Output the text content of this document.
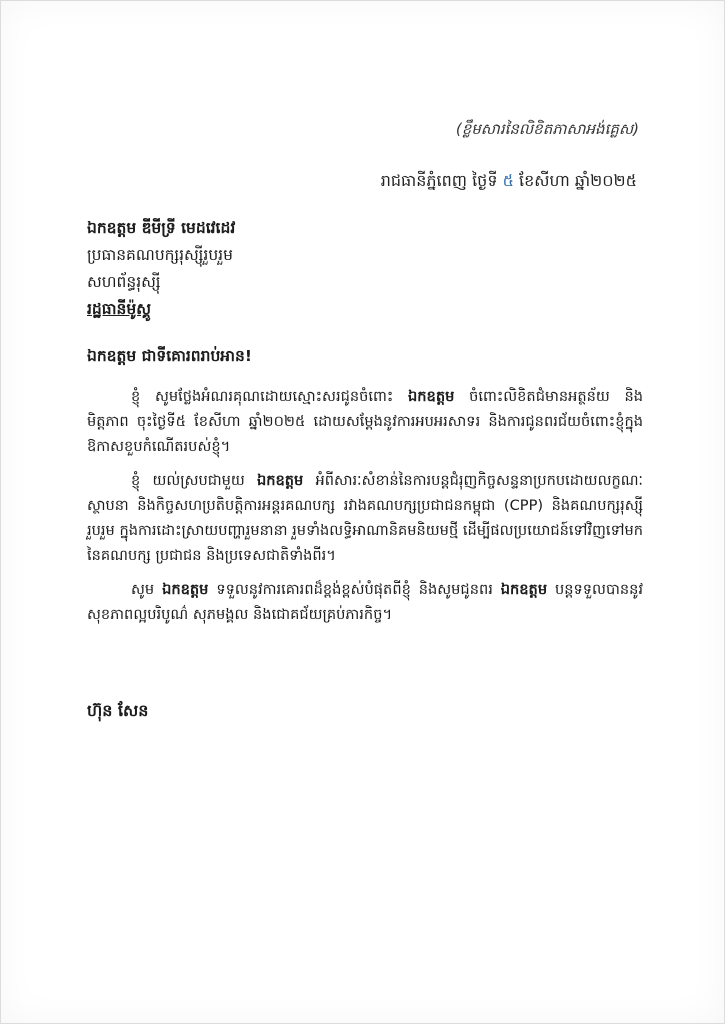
(ខ្លឹមសារនៃលិខិតភាសាអង់គ្លេស)
រាជធានីភ្នំពេញ ថ្ងៃទី ៥ ខែសីហា ឆ្នាំ២០២៥
ឯកឧត្តម ឌីមីទ្រី មេដវេដេវ
ប្រធានគណបក្សរុស្ស៊ីរួបរួម
សហព័ន្ធរុស្ស៊ី
រដ្ឋធានីម៉ូស្គូ
ឯកឧត្តម ជាទីគោរពរាប់អាន!

ខ្ញុំ សូមថ្លែងអំណរគុណដោយស្មោះសរជូនចំពោះ ឯកឧត្តម ចំពោះលិខិតជំមានអត្ថន័យ និងមិត្តភាព ចុះថ្ងៃទី៥ ខែសីហា ឆ្នាំ២០២៥ ដោយសម្តែងនូវការអបអរសាទរ និងការជូនពរជ័យចំពោះខ្ញុំក្នុងឱកាសខួបកំណើតរបស់ខ្ញុំ។

ខ្ញុំ យល់ស្របជាមួយ ឯកឧត្តម អំពីសារៈសំខាន់នៃការបន្តជំរុញកិច្ចសន្ទនាប្រកបដោយលក្ខណៈស្ថាបនា និងកិច្ចសហប្រតិបត្តិការអន្តរគណបក្ស រវាងគណបក្សប្រជាជនកម្ពុជា (CPP) និងគណបក្សរុស្ស៊ីរួបរួម ក្នុងការដោះស្រាយបញ្ហារួមនានា រួមទាំងលទ្ធិអាណានិគមនិយមថ្មី ដើម្បីផលប្រយោជន៍ទៅវិញទៅមក នៃគណបក្ស ប្រជាជន និងប្រទេសជាតិទាំងពីរ។

សូម ឯកឧត្តម ទទួលនូវការគោរពដ៏ខ្ពង់ខ្ពស់បំផុតពីខ្ញុំ និងសូមជូនពរ ឯកឧត្តម បន្តទទួលបាននូវសុខភាពល្អបរិបូណ៌ សុភមង្គល និងជោគជ័យគ្រប់ភារកិច្ច។

ហ៊ុន សែន
